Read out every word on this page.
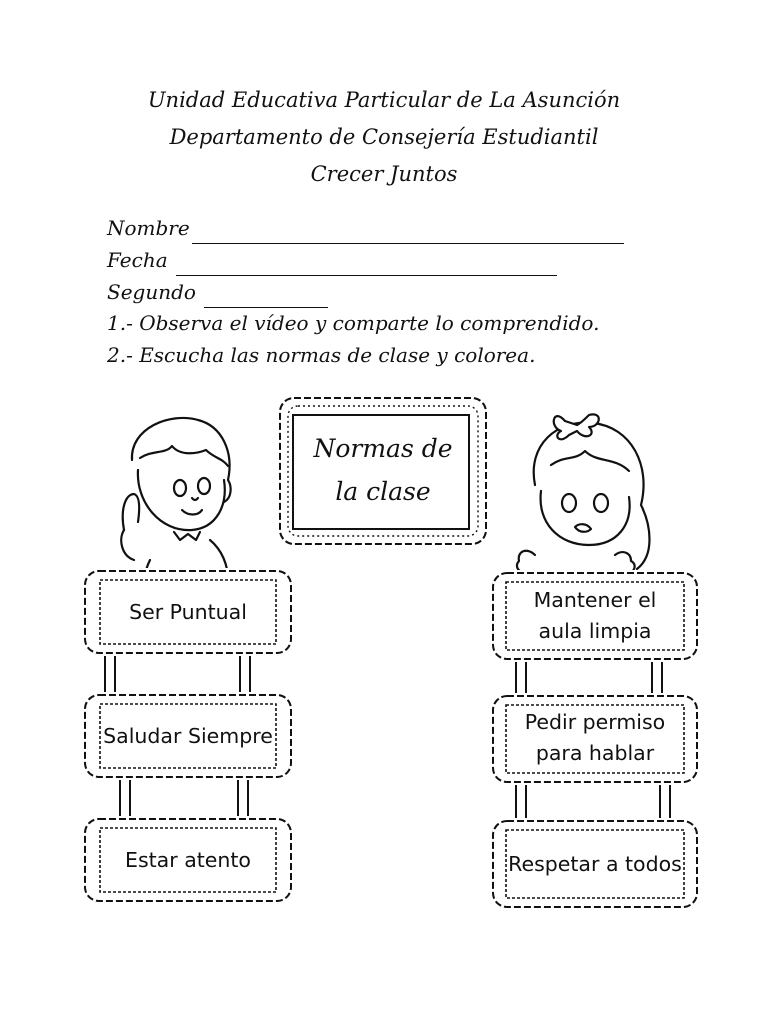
Unidad Educativa Particular de La Asunción
Departamento de Consejería Estudiantil
Crecer Juntos
Nombre
Fecha

Segundo

1.- Observa el vídeo y comparte lo comprendido.
2.- Escucha las normas de clase y colorea.
Normas de
la clase
Ser Puntual
Saludar Siempre
Estar atento
Mantener el
aula limpia
Pedir permiso
para hablar
Respetar a todos
